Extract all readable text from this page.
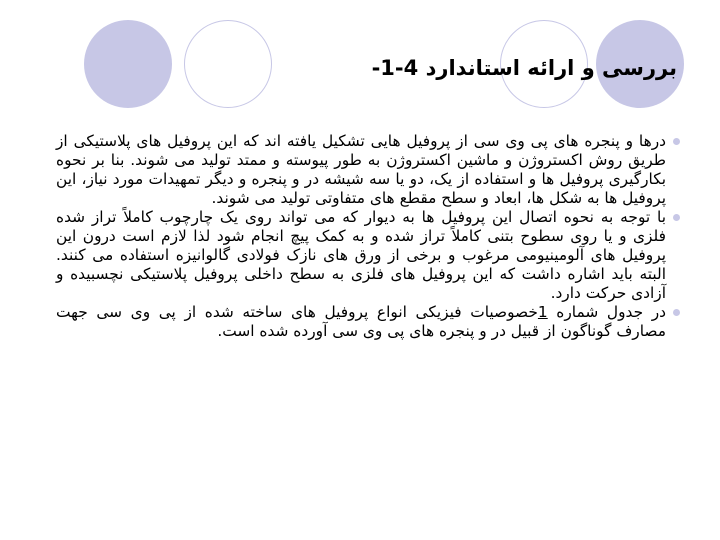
بررسی و ارائه استاندارد 4-1-
درها و پنجره های پی وی سی از پروفیل هایی تشکیل یافته اند که این پروفیل های پلاستیکی از طریق روش اکستروژن و ماشین اکستروژن به طور پیوسته و ممتد تولید می شوند. بنا بر نحوه بکارگیری پروفیل ها و استفاده از یک، دو یا سه شیشه در و پنجره و دیگر تمهیدات مورد نیاز، این پروفیل ها به شکل ها، ابعاد و سطح مقطع های متفاوتی تولید می شوند.
با توجه به نحوه اتصال این پروفیل ها به دیوار که می تواند روی یک چارچوب کاملاً تراز شده فلزی و یا روی سطوح بتنی کاملاً تراز شده و به کمک پیچ انجام شود لذا لازم است درون این پروفیل های آلومینیومی مرغوب و برخی از ورق های نازک فولادی گالوانیزه استفاده می کنند. البته باید اشاره داشت که این پروفیل های فلزی به سطح داخلی پروفیل پلاستیکی نچسبیده و آزادی حرکت دارد.
در جدول شماره 1خصوصیات فیزیکی انواع پروفیل های ساخته شده از پی وی سی جهت مصارف گوناگون از قبیل در و پنجره های پی وی سی آورده شده است.
